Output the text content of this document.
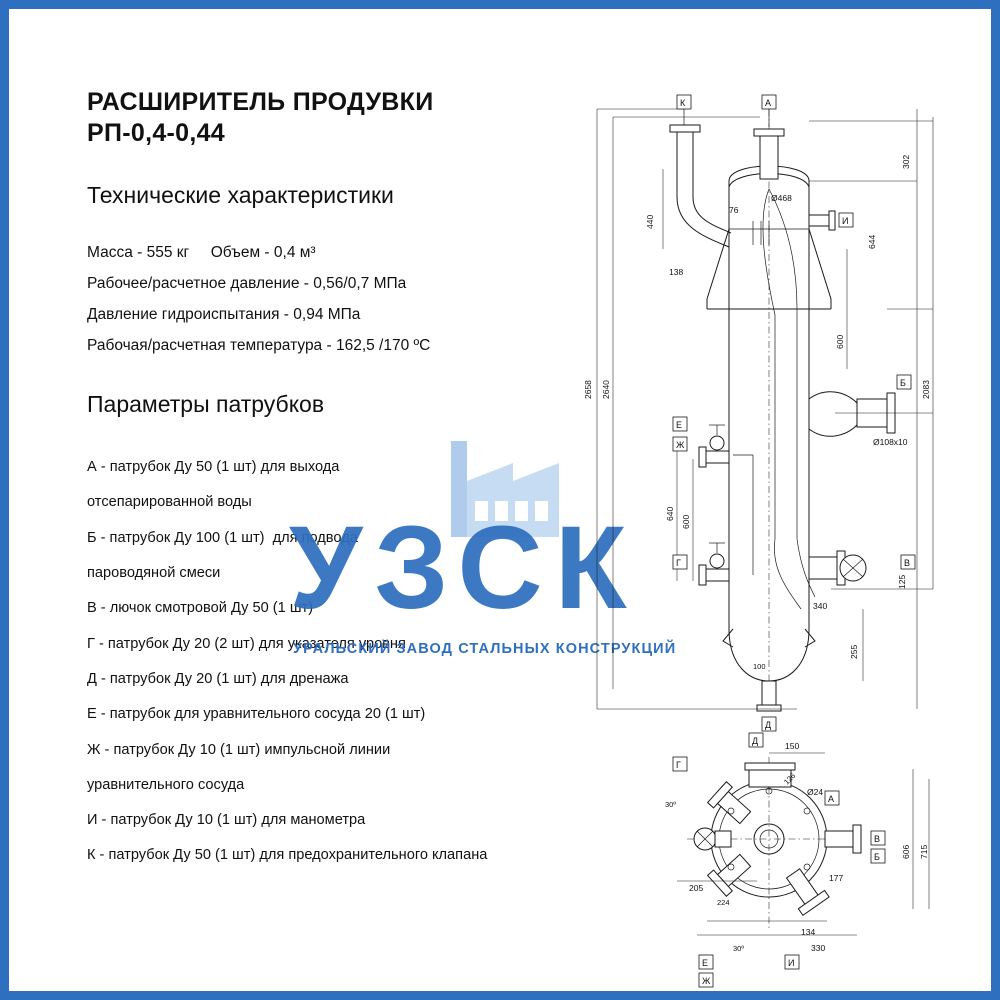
РАСШИРИТЕЛЬ ПРОДУВКИ
РП-0,4-0,44
Технические характеристики
Масса - 555 кг     Объем - 0,4 м³
Рабочее/расчетное давление - 0,56/0,7 МПа
Давление гидроиспытания - 0,94 МПа
Рабочая/расчетная температура - 162,5 /170 ºС
Параметры патрубков
А - патрубок Ду 50 (1 шт) для выхода
отсепарированной воды
Б - патрубок Ду 100 (1 шт)  для подвода
пароводяной смеси
В - лючок смотровой Ду 50 (1 шт)
Г - патрубок Ду 20 (2 шт) для указателя уровня
Д - патрубок Ду 20 (1 шт) для дренажа
Е - патрубок для уравнительного сосуда 20 (1 шт)
Ж - патрубок Ду 10 (1 шт) импульсной линии
уравнительного сосуда
И - патрубок Ду 10 (1 шт) для манометра
К - патрубок Ду 50 (1 шт) для предохранительного клапана
УЗСК
УРАЛЬСКИЙ ЗАВОД СТАЛЬНЫХ КОНСТРУКЦИЙ
440
138
76
302
Ø468
644
600
2658 2640	2083
Ø108х10
640
600
340
255
125
100
К	А
И
Б
Е
Ж
Г	В
Д
150
126
Ø24
30º
205
224
177
134
330
30º
606 715
Д
Г
А
В
Б
Е
Ж
И
